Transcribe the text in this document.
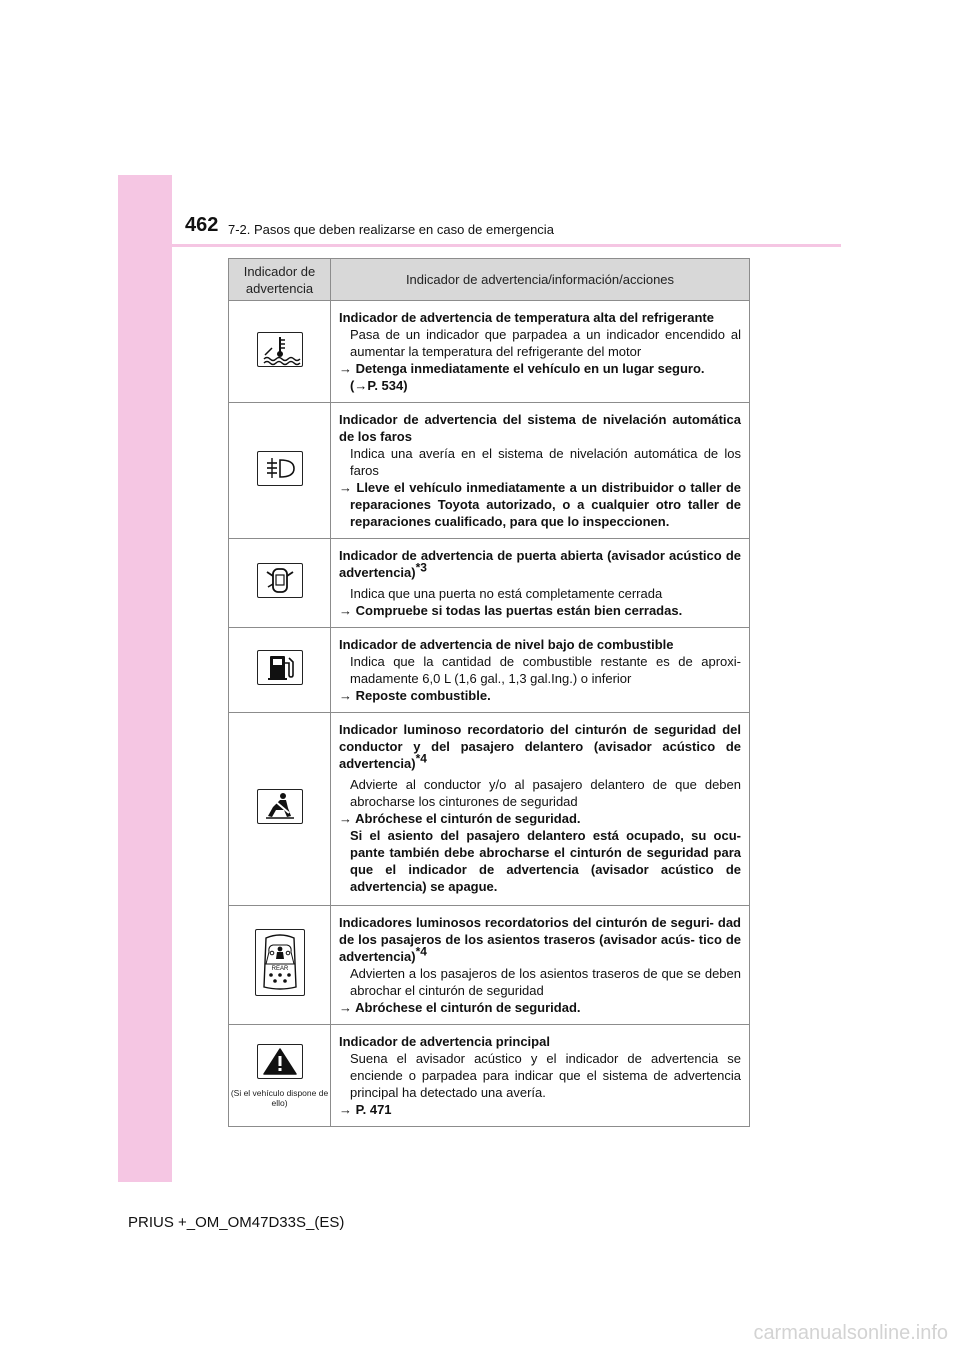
462 7-2. Pasos que deben realizarse en caso de emergencia
Indicador de advertencia	Indicador de advertencia/información/acciones

Indicador de advertencia de temperatura alta del refrigerante
Pasa de un indicador que parpadea a un indicador encendido al aumentar la temperatura del refrigerante del motor
→ Detenga inmediatamente el vehículo en un lugar seguro.
(→P. 534)

Indicador de advertencia del sistema de nivelación automática de los faros
Indica una avería en el sistema de nivelación automática de los faros
→ Lleve el vehículo inmediatamente a un distribuidor o taller de reparaciones Toyota autorizado, o a cualquier otro taller de reparaciones cualificado, para que lo inspeccionen.

Indicador de advertencia de puerta abierta (avisador acústico de advertencia)$^{*3}$
Indica que una puerta no está completamente cerrada
→ Compruebe si todas las puertas están bien cerradas.

Indicador de advertencia de nivel bajo de combustible
Indica que la cantidad de combustible restante es de aproxi- madamente 6,0 L (1,6 gal., 1,3 gal.Ing.) o inferior
→ Reposte combustible.

Indicador luminoso recordatorio del cinturón de seguridad del conductor y del pasajero delantero (avisador acústico de advertencia)$^{*4}$
Advierte al conductor y/o al pasajero delantero de que deben abrocharse los cinturones de seguridad
→ Abróchese el cinturón de seguridad.
Si el asiento del pasajero delantero está ocupado, su ocu- pante también debe abrocharse el cinturón de seguridad para que el indicador de advertencia (avisador acústico de advertencia) se apague.

REAR	Indicadores luminosos recordatorios del cinturón de seguri- dad de los pasajeros de los asientos traseros (avisador acús- tico de advertencia)$^{*4}$
Advierten a los pasajeros de los asientos traseros de que se deben abrochar el cinturón de seguridad
→ Abróchese el cinturón de seguridad.

(Si el vehículo dispone de ello)	Indicador de advertencia principal
Suena el avisador acústico y el indicador de advertencia se enciende o parpadea para indicar que el sistema de advertencia principal ha detectado una avería.
→ P. 471
PRIUS +_OM_OM47D33S_(ES)
carmanualsonline.info
